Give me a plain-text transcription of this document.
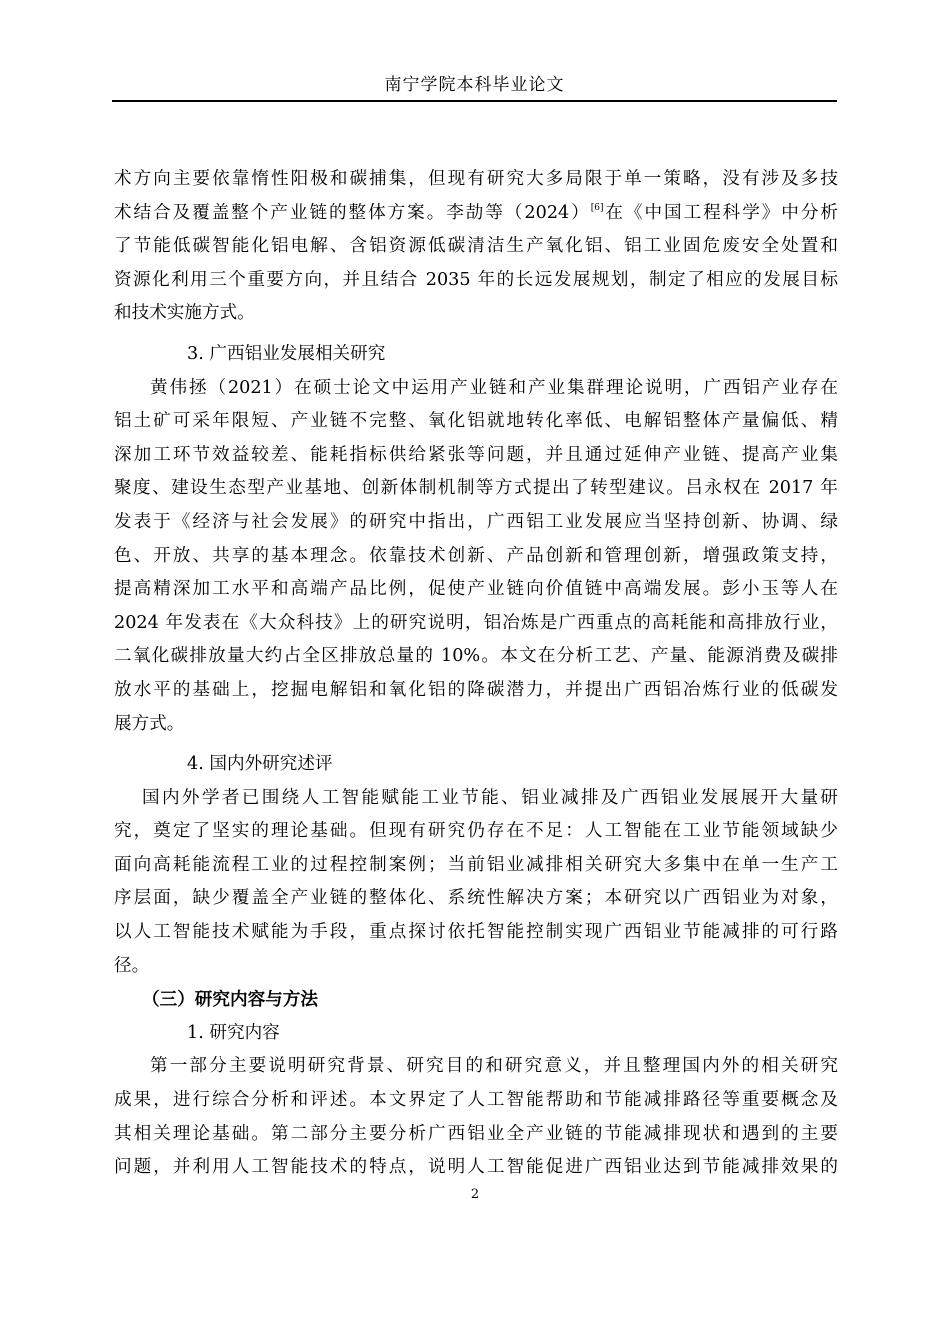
南宁学院本科毕业论文
术方向主要依靠惰性阳极和碳捕集，但现有研究大多局限于单一策略，没有涉及多技
术结合及覆盖整个产业链的整体方案。李劼等（2024）[6]在《中国工程科学》中分析
了节能低碳智能化铝电解、含铝资源低碳清洁生产氧化铝、铝工业固危废安全处置和
资源化利用三个重要方向，并且结合 2035 年的长远发展规划，制定了相应的发展目标
和技术实施方式。
3. 广西铝业发展相关研究
黄伟拯（2021）在硕士论文中运用产业链和产业集群理论说明，广西铝产业存在
铝土矿可采年限短、产业链不完整、氧化铝就地转化率低、电解铝整体产量偏低、精
深加工环节效益较差、能耗指标供给紧张等问题，并且通过延伸产业链、提高产业集
聚度、建设生态型产业基地、创新体制机制等方式提出了转型建议。吕永权在 2017 年
发表于《经济与社会发展》的研究中指出，广西铝工业发展应当坚持创新、协调、绿
色、开放、共享的基本理念。依靠技术创新、产品创新和管理创新，增强政策支持，
提高精深加工水平和高端产品比例，促使产业链向价值链中高端发展。彭小玉等人在
2024 年发表在《大众科技》上的研究说明，铝冶炼是广西重点的高耗能和高排放行业，
二氧化碳排放量大约占全区排放总量的 10%。本文在分析工艺、产量、能源消费及碳排
放水平的基础上，挖掘电解铝和氧化铝的降碳潜力，并提出广西铝冶炼行业的低碳发
展方式。
4. 国内外研究述评
国内外学者已围绕人工智能赋能工业节能、铝业减排及广西铝业发展展开大量研
究，奠定了坚实的理论基础。但现有研究仍存在不足：人工智能在工业节能领域缺少
面向高耗能流程工业的过程控制案例；当前铝业减排相关研究大多集中在单一生产工
序层面，缺少覆盖全产业链的整体化、系统性解决方案；本研究以广西铝业为对象，
以人工智能技术赋能为手段，重点探讨依托智能控制实现广西铝业节能减排的可行路
径。
（三）研究内容与方法
1. 研究内容
第一部分主要说明研究背景、研究目的和研究意义，并且整理国内外的相关研究
成果，进行综合分析和评述。本文界定了人工智能帮助和节能减排路径等重要概念及
其相关理论基础。第二部分主要分析广西铝业全产业链的节能减排现状和遇到的主要
问题，并利用人工智能技术的特点，说明人工智能促进广西铝业达到节能减排效果的
2
